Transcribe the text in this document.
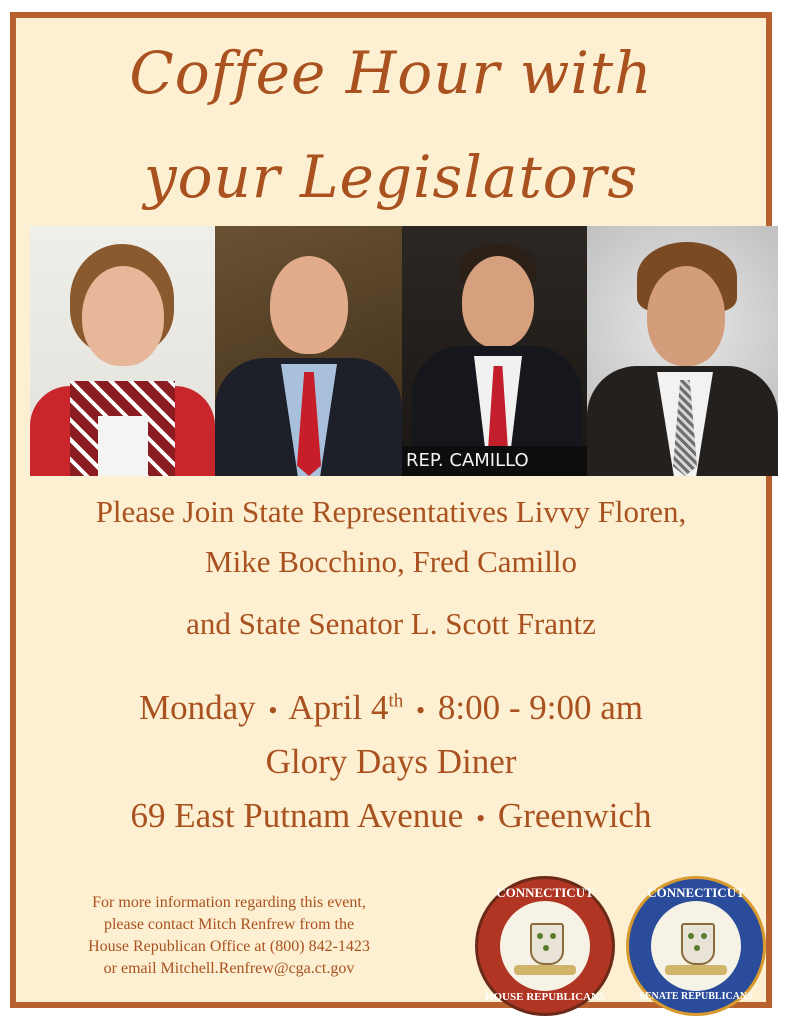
Coffee Hour with
your Legislators
REP. CAMILLO
Please Join State Representatives Livvy Floren,
Mike Bocchino, Fred Camillo
and State Senator L. Scott Frantz
Monday • April 4th • 8:00 - 9:00 am
Glory Days Diner
69 East Putnam Avenue • Greenwich
For more information regarding this event,
please contact Mitch Renfrew from the
House Republican Office at (800) 842-1423
or email Mitchell.Renfrew@cga.ct.gov
CONNECTICUT
HOUSE REPUBLICANS
CONNECTICUT
SENATE REPUBLICANS
